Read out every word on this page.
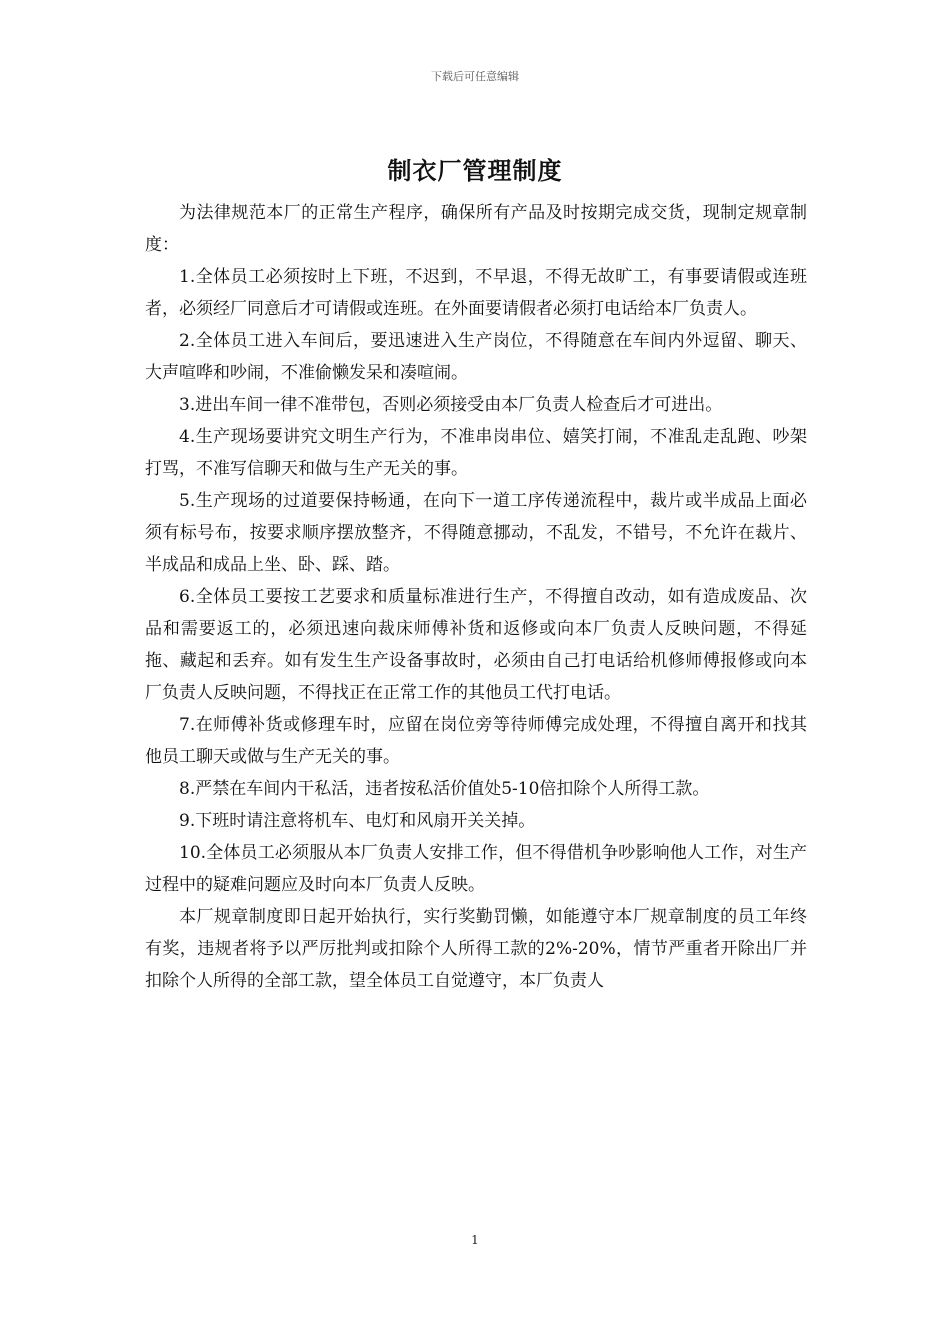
下载后可任意编辑
制衣厂管理制度

为法律规范本厂的正常生产程序，确保所有产品及时按期完成交货，现制定规章制度：

1.全体员工必须按时上下班，不迟到，不早退，不得无故旷工，有事要请假或连班者，必须经厂同意后才可请假或连班。在外面要请假者必须打电话给本厂负责人。

2.全体员工进入车间后，要迅速进入生产岗位，不得随意在车间内外逗留、聊天、大声喧哗和吵闹，不准偷懒发呆和凑喧闹。

3.进出车间一律不准带包，否则必须接受由本厂负责人检查后才可进出。

4.生产现场要讲究文明生产行为，不准串岗串位、嬉笑打闹，不准乱走乱跑、吵架打骂，不准写信聊天和做与生产无关的事。

5.生产现场的过道要保持畅通，在向下一道工序传递流程中，裁片或半成品上面必须有标号布，按要求顺序摆放整齐，不得随意挪动，不乱发，不错号，不允许在裁片、半成品和成品上坐、卧、踩、踏。

6.全体员工要按工艺要求和质量标准进行生产，不得擅自改动，如有造成废品、次品和需要返工的，必须迅速向裁床师傅补货和返修或向本厂负责人反映问题，不得延拖、藏起和丢弃。如有发生生产设备事故时，必须由自己打电话给机修师傅报修或向本厂负责人反映问题，不得找正在正常工作的其他员工代打电话。

7.在师傅补货或修理车时，应留在岗位旁等待师傅完成处理，不得擅自离开和找其他员工聊天或做与生产无关的事。

8.严禁在车间内干私活，违者按私活价值处5-10倍扣除个人所得工款。

9.下班时请注意将机车、电灯和风扇开关关掉。

10.全体员工必须服从本厂负责人安排工作，但不得借机争吵影响他人工作，对生产过程中的疑难问题应及时向本厂负责人反映。

本厂规章制度即日起开始执行，实行奖勤罚懒，如能遵守本厂规章制度的员工年终有奖，违规者将予以严厉批判或扣除个人所得工款的2%-20%，情节严重者开除出厂并扣除个人所得的全部工款，望全体员工自觉遵守，本厂负责人

1
